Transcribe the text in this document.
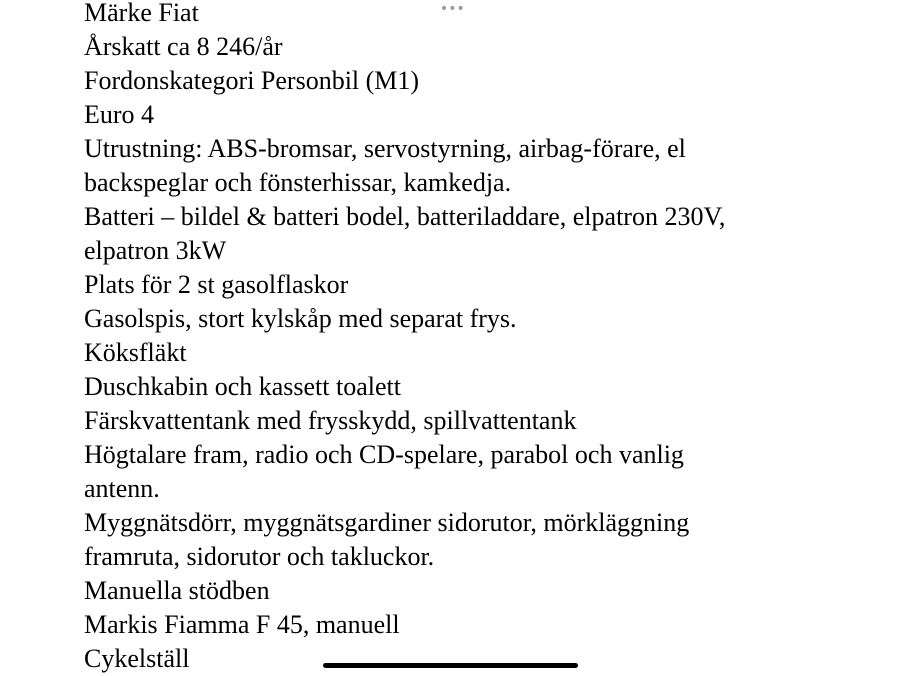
•••
Märke Fiat
Årskatt ca 8 246/år
Fordonskategori Personbil (M1)
Euro 4
Utrustning: ABS-bromsar, servostyrning, airbag-förare, el
backspeglar och fönsterhissar, kamkedja.
Batteri – bildel & batteri bodel, batteriladdare, elpatron 230V,
elpatron 3kW
Plats för 2 st gasolflaskor
Gasolspis, stort kylskåp med separat frys.
Köksfläkt
Duschkabin och kassett toalett
Färskvattentank med frysskydd, spillvattentank
Högtalare fram, radio och CD-spelare, parabol och vanlig
antenn.
Myggnätsdörr, myggnätsgardiner sidorutor, mörkläggning
framruta, sidorutor och takluckor.
Manuella stödben
Markis Fiamma F 45, manuell
Cykelställ
